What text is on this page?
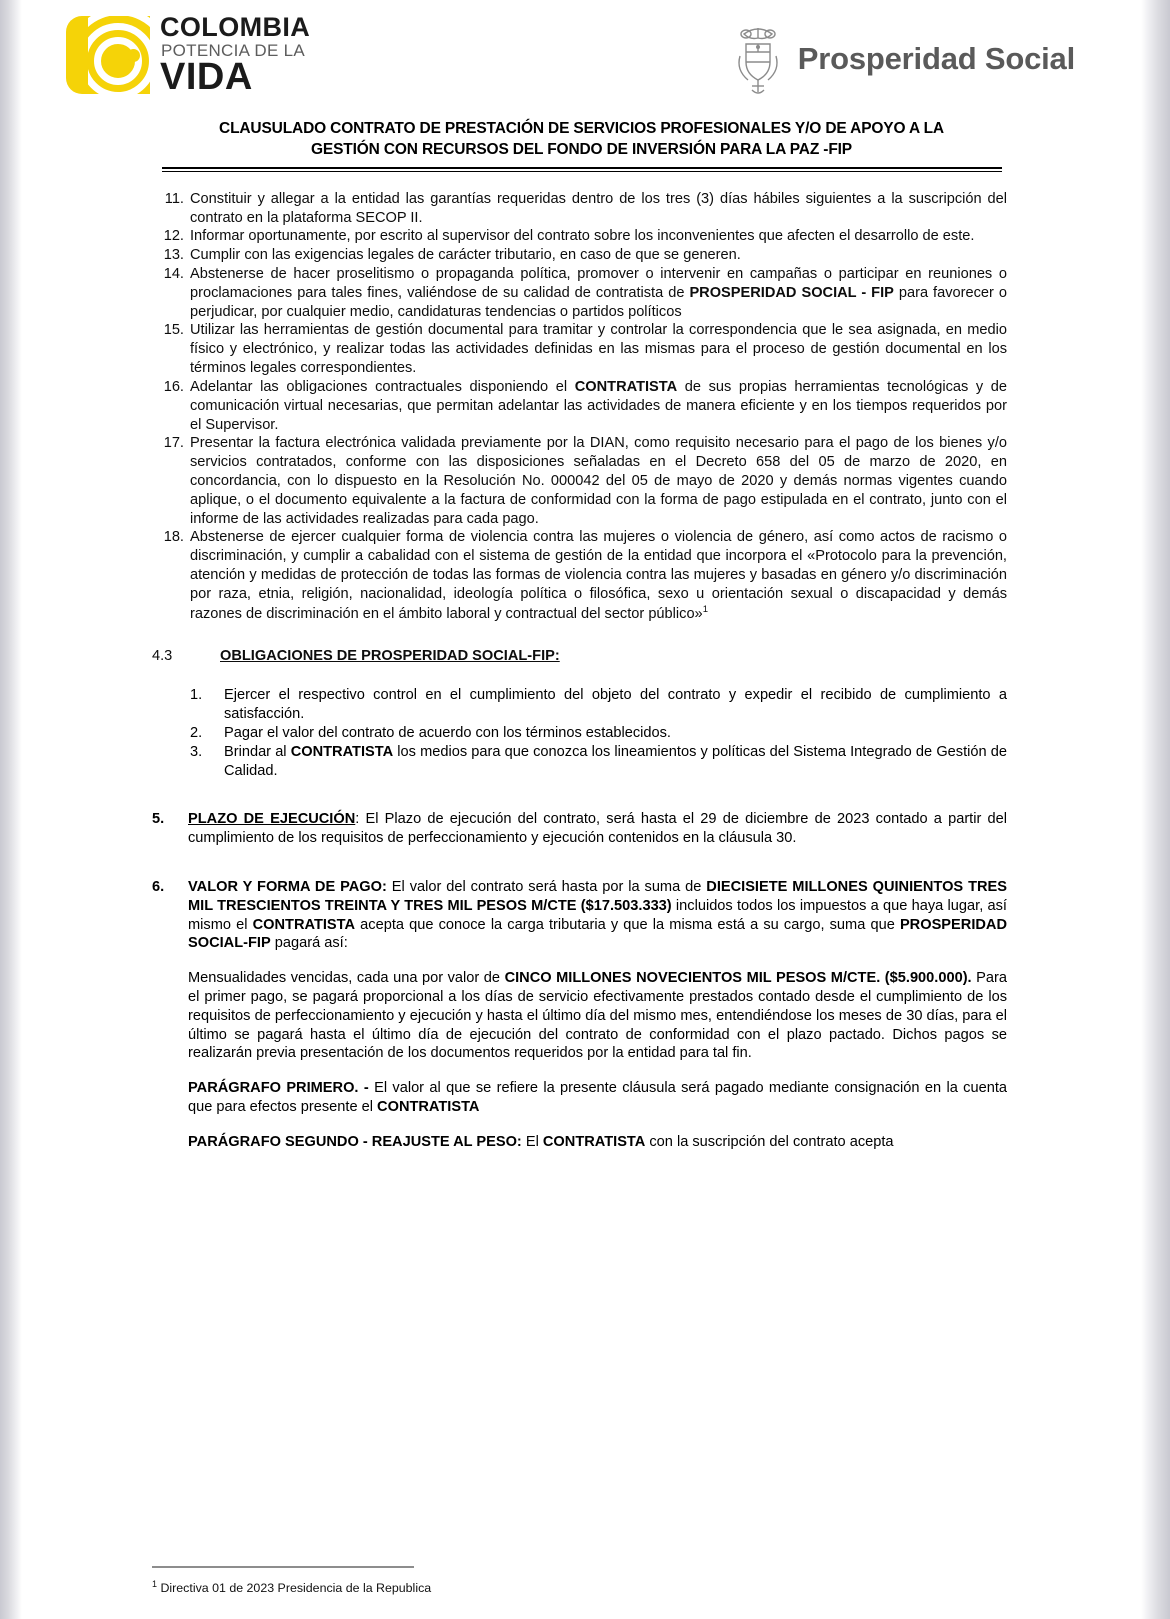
COLOMBIA
POTENCIA DE LA
VIDA	Prosperidad Social
CLAUSULADO CONTRATO DE PRESTACIÓN DE SERVICIOS PROFESIONALES Y/O DE APOYO A LA
GESTIÓN CON RECURSOS DEL FONDO DE INVERSIÓN PARA LA PAZ -FIP
11. Constituir y allegar a la entidad las garantías requeridas dentro de los tres (3) días hábiles siguientes a la suscripción del contrato en la plataforma SECOP II.
12. Informar oportunamente, por escrito al supervisor del contrato sobre los inconvenientes que afecten el desarrollo de este.
13. Cumplir con las exigencias legales de carácter tributario, en caso de que se generen.
14. Abstenerse de hacer proselitismo o propaganda política, promover o intervenir en campañas o participar en reuniones o proclamaciones para tales fines, valiéndose de su calidad de contratista de PROSPERIDAD SOCIAL - FIP para favorecer o perjudicar, por cualquier medio, candidaturas tendencias o partidos políticos
15. Utilizar las herramientas de gestión documental para tramitar y controlar la correspondencia que le sea asignada, en medio físico y electrónico, y realizar todas las actividades definidas en las mismas para el proceso de gestión documental en los términos legales correspondientes.
16. Adelantar las obligaciones contractuales disponiendo el CONTRATISTA de sus propias herramientas tecnológicas y de comunicación virtual necesarias, que permitan adelantar las actividades de manera eficiente y en los tiempos requeridos por el Supervisor.
17. Presentar la factura electrónica validada previamente por la DIAN, como requisito necesario para el pago de los bienes y/o servicios contratados, conforme con las disposiciones señaladas en el Decreto 658 del 05 de marzo de 2020, en concordancia, con lo dispuesto en la Resolución No. 000042 del 05 de mayo de 2020 y demás normas vigentes cuando aplique, o el documento equivalente a la factura de conformidad con la forma de pago estipulada en el contrato, junto con el informe de las actividades realizadas para cada pago.
18. Abstenerse de ejercer cualquier forma de violencia contra las mujeres o violencia de género, así como actos de racismo o discriminación, y cumplir a cabalidad con el sistema de gestión de la entidad que incorpora el «Protocolo para la prevención, atención y medidas de protección de todas las formas de violencia contra las mujeres y basadas en género y/o discriminación por raza, etnia, religión, nacionalidad, ideología política o filosófica, sexo u orientación sexual o discapacidad y demás razones de discriminación en el ámbito laboral y contractual del sector público»$^1$
4.3	OBLIGACIONES DE PROSPERIDAD SOCIAL-FIP:
1.	Ejercer el respectivo control en el cumplimiento del objeto del contrato y expedir el recibido de cumplimiento a satisfacción.
2.	Pagar el valor del contrato de acuerdo con los términos establecidos.
3.	Brindar al CONTRATISTA los medios para que conozca los lineamientos y políticas del Sistema Integrado de Gestión de Calidad.
5.	PLAZO DE EJECUCIÓN: El Plazo de ejecución del contrato, será hasta el 29 de diciembre de 2023 contado a partir del cumplimiento de los requisitos de perfeccionamiento y ejecución contenidos en la cláusula 30.

6.	VALOR Y FORMA DE PAGO: El valor del contrato será hasta por la suma de DIECISIETE MILLONES QUINIENTOS TRES MIL TRESCIENTOS TREINTA Y TRES MIL PESOS M/CTE ($17.503.333) incluidos todos los impuestos a que haya lugar, así mismo el CONTRATISTA acepta que conoce la carga tributaria y que la misma está a su cargo, suma que PROSPERIDAD SOCIAL-FIP pagará así:

Mensualidades vencidas, cada una por valor de CINCO MILLONES NOVECIENTOS MIL PESOS M/CTE. ($5.900.000). Para el primer pago, se pagará proporcional a los días de servicio efectivamente prestados contado desde el cumplimiento de los requisitos de perfeccionamiento y ejecución y hasta el último día del mismo mes, entendiéndose los meses de 30 días, para el último se pagará hasta el último día de ejecución del contrato de conformidad con el plazo pactado. Dichos pagos se realizarán previa presentación de los documentos requeridos por la entidad para tal fin.

PARÁGRAFO PRIMERO. - El valor al que se refiere la presente cláusula será pagado mediante consignación en la cuenta que para efectos presente el CONTRATISTA

PARÁGRAFO SEGUNDO - REAJUSTE AL PESO: El CONTRATISTA con la suscripción del contrato acepta

$^1$ Directiva 01 de 2023 Presidencia de la Republica
